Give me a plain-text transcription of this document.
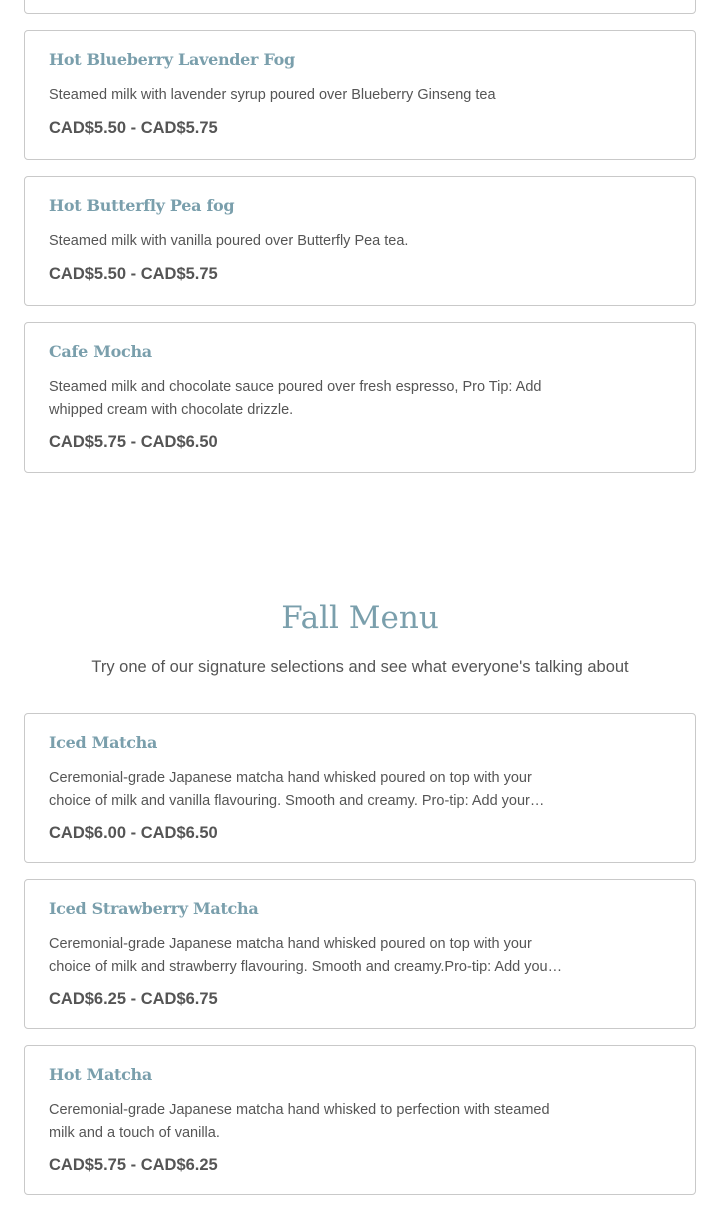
Hot Blueberry Lavender Fog
Steamed milk with lavender syrup poured over Blueberry Ginseng tea
CAD$5.50 - CAD$5.75
Hot Butterfly Pea fog
Steamed milk with vanilla poured over Butterfly Pea tea.
CAD$5.50 - CAD$5.75
Cafe Mocha
Steamed milk and chocolate sauce poured over fresh espresso, Pro Tip: Add whipped cream with chocolate drizzle.
CAD$5.75 - CAD$6.50
Fall Menu
Try one of our signature selections and see what everyone's talking about
Iced Matcha
Ceremonial-grade Japanese matcha hand whisked poured on top with your choice of milk and vanilla flavouring. Smooth and creamy. Pro-tip: Add your…
CAD$6.00 - CAD$6.50
Iced Strawberry Matcha
Ceremonial-grade Japanese matcha hand whisked poured on top with your choice of milk and strawberry flavouring. Smooth and creamy.Pro-tip: Add you…
CAD$6.25 - CAD$6.75
Hot Matcha
Ceremonial-grade Japanese matcha hand whisked to perfection with steamed milk and a touch of vanilla.
CAD$5.75 - CAD$6.25
